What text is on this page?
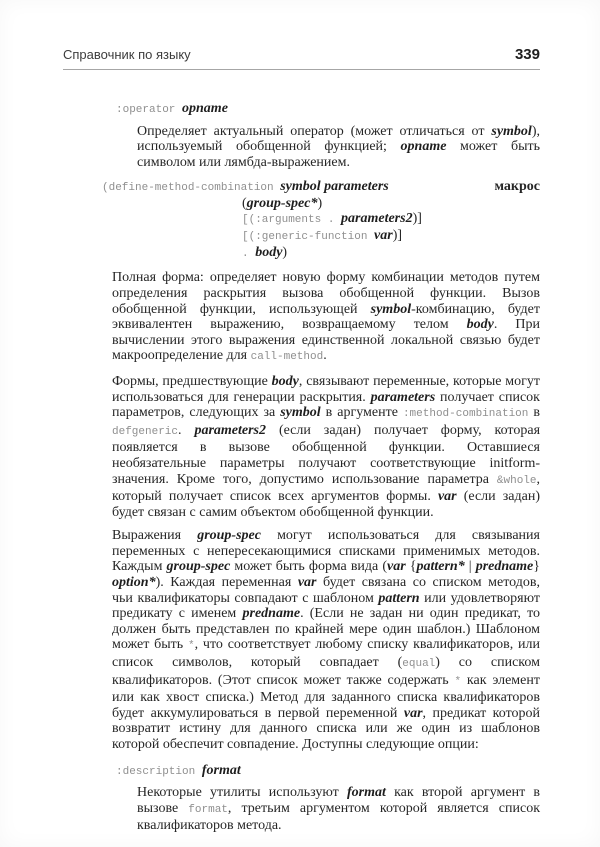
Справочник по языку	339
:operator opname

Определяет актуальный оператор (может отличаться от symbol), используемый обобщенной функцией; opname может быть символом или лямбда-выражением.

макрос
(define-method-combination symbol parameters
(group-spec*)
[(:arguments . parameters2)]
[(:generic-function var)]
. body)

Полная форма: определяет новую форму комбинации методов путем определения раскрытия вызова обобщенной функции. Вызов обобщенной функции, использующей symbol-комбинацию, будет эквивалентен выражению, возвращаемому телом body. При вычислении этого выражения единственной локальной связью будет макроопределение для call-method.

Формы, предшествующие body, связывают переменные, которые могут использоваться для генерации раскрытия. parameters получает список параметров, следующих за symbol в аргументе :method-combination в defgeneric. parameters2 (если задан) получает форму, которая появляется в вызове обобщенной функции. Оставшиеся необязательные параметры получают соответствующие initform-значения. Кроме того, допустимо использование параметра &whole, который получает список всех аргументов формы. var (если задан) будет связан с самим объектом обобщенной функции.

Выражения group-spec могут использоваться для связывания переменных с непересекающимися списками применимых методов. Каждым group-spec может быть форма вида (var {pattern* | predname} option*). Каждая переменная var будет связана со списком методов, чьи квалификаторы совпадают с шаблоном pattern или удовлетворяют предикату с именем predname. (Если не задан ни один предикат, то должен быть представлен по крайней мере один шаблон.) Шаблоном может быть *, что соответствует любому списку квалификаторов, или список символов, который совпадает (equal) со списком квалификаторов. (Этот список может также содержать * как элемент или как хвост списка.) Метод для заданного списка квалификаторов будет аккумулироваться в первой переменной var, предикат которой возвратит истину для данного списка или же один из шаблонов которой обеспечит совпадение. Доступны следующие опции:

:description format

Некоторые утилиты используют format как второй аргумент в вызове format, третьим аргументом которой является список квалификаторов метода.
